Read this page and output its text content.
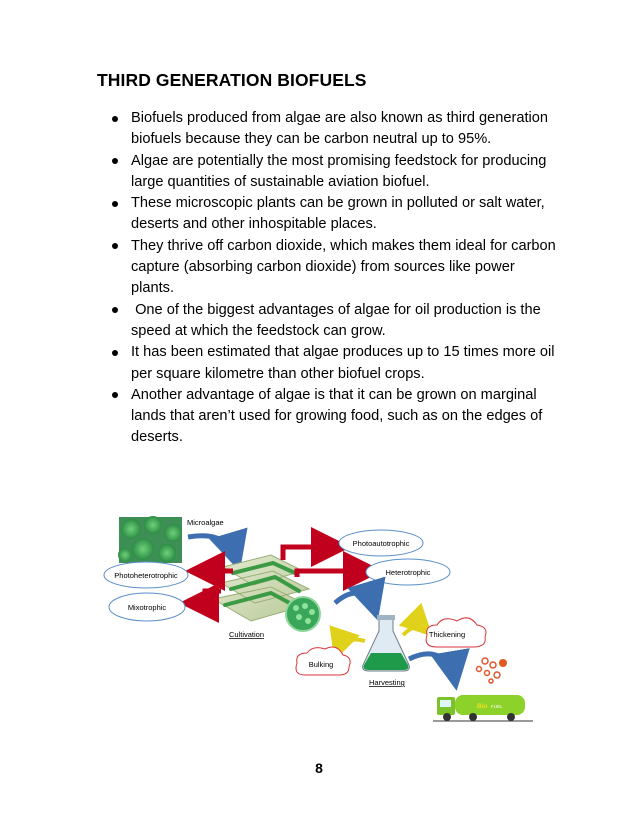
THIRD GENERATION BIOFUELS
Biofuels produced from algae are also known as third generation biofuels because they can be carbon neutral up to 95%.
Algae are potentially the most promising feedstock for producing large quantities of sustainable aviation biofuel.
These microscopic plants can be grown in polluted or salt water, deserts and other inhospitable places.
They thrive off carbon dioxide, which makes them ideal for carbon capture (absorbing carbon dioxide) from sources like power plants.
One of the biggest advantages of algae for oil production is the speed at which the feedstock can grow.
It has been estimated that algae produces up to 15 times more oil per square kilometre than other biofuel crops.
Another advantage of algae is that it can be grown on marginal lands that aren’t used for growing food, such as on the edges of deserts.
Microalgae
Photoautotrophic
Heterotrophic
Photoheterotrophic
Mixotrophic
Cultivation	Thickening
Bulking
Harvesting
Bio FUEL
8
